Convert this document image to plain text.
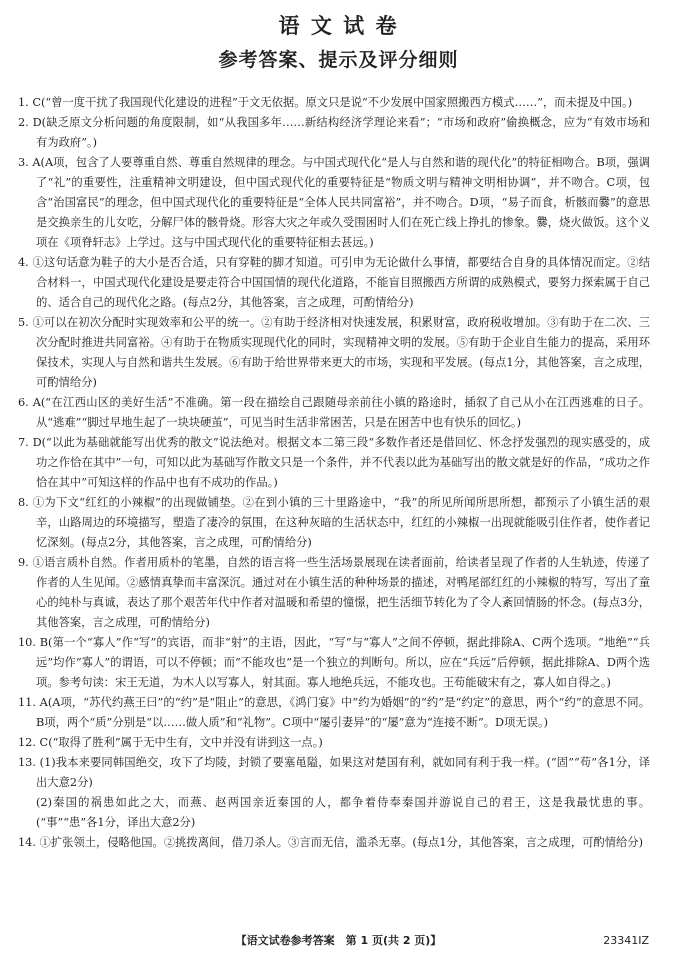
语 文 试 卷
参考答案、提示及评分细则

1. C(“曾一度干扰了我国现代化建设的进程”于文无依据。原文只是说“不少发展中国家照搬西方模式……”，而未提及中国。)

2. D(缺乏原文分析问题的角度限制，如“从我国多年……新结构经济学理论来看”；“市场和政府”偷换概念，应为“有效市场和有为政府”。)

3. A(A项，包含了人要尊重自然、尊重自然规律的理念。与中国式现代化“是人与自然和谐的现代化”的特征相吻合。B项，强调了“礼”的重要性，注重精神文明建设，但中国式现代化的重要特征是“物质文明与精神文明相协调”，并不吻合。C项，包含“治国富民”的理念，但中国式现代化的重要特征是“全体人民共同富裕”，并不吻合。D项，“易子而食，析骸而爨”的意思是交换亲生的儿女吃，分解尸体的骸骨烧。形容大灾之年或久受围困时人们在死亡线上挣扎的惨象。爨，烧火做饭。这个义项在《项脊轩志》上学过。这与中国式现代化的重要特征相去甚远。)

4. ①这句话意为鞋子的大小是否合适，只有穿鞋的脚才知道。可引申为无论做什么事情，都要结合自身的具体情况而定。②结合材料一，中国式现代化建设是要走符合中国国情的现代化道路，不能盲目照搬西方所谓的成熟模式，要努力探索属于自己的、适合自己的现代化之路。(每点2分，其他答案，言之成理，可酌情给分)

5. ①可以在初次分配时实现效率和公平的统一。②有助于经济相对快速发展，积累财富，政府税收增加。③有助于在二次、三次分配时推进共同富裕。④有助于在物质实现现代化的同时，实现精神文明的发展。⑤有助于企业自生能力的提高，采用环保技术，实现人与自然和谐共生发展。⑥有助于给世界带来更大的市场，实现和平发展。(每点1分，其他答案，言之成理，可酌情给分)

6. A(“在江西山区的美好生活”不准确。第一段在描绘自己跟随母亲前往小镇的路途时，插叙了自己从小在江西逃难的日子。从“逃难”“脚过早地生起了一块块硬茧”，可见当时生活非常困苦，只是在困苦中也有快乐的回忆。)

7. D(“以此为基础就能写出优秀的散文”说法绝对。根据文本二第三段“多数作者还是借回忆、怀念抒发强烈的现实感受的，成功之作恰在其中”一句，可知以此为基础写作散文只是一个条件，并不代表以此为基础写出的散文就是好的作品，“成功之作恰在其中”可知这样的作品中也有不成功的作品。)

8. ①为下文“红红的小辣椒”的出现做铺垫。②在到小镇的三十里路途中，“我”的所见所闻所思所想，都预示了小镇生活的艰辛，山路周边的环境描写，塑造了凄冷的氛围，在这种灰暗的生活状态中，红红的小辣椒一出现就能吸引住作者，使作者记忆深刻。(每点2分，其他答案，言之成理，可酌情给分)

9. ①语言质朴自然。作者用质朴的笔墨，自然的语言将一些生活场景展现在读者面前，给读者呈现了作者的人生轨迹，传递了作者的人生见闻。②感情真挚而丰富深沉。通过对在小镇生活的种种场景的描述，对鸭尾部红红的小辣椒的特写，写出了童心的纯朴与真诚，表达了那个艰苦年代中作者对温暖和希望的憧憬，把生活细节转化为了令人紊回情肠的怀念。(每点3分，其他答案，言之成理，可酌情给分)

10. B(第一个“寡人”作“写”的宾语，而非“射”的主语，因此，“写”与“寡人”之间不停顿，据此排除A、C两个选项。“地绝”“兵远”均作“寡人”的谓语，可以不停顿；而“不能攻也”是一个独立的判断句。所以，应在“兵远”后停顿，据此排除A、D两个选项。参考句读：宋王无道，为木人以写寡人，射其面。寡人地绝兵远，不能攻也。王苟能破宋有之，寡人如自得之。)

11. A(A项，“苏代约燕王曰”的“约”是“阻止”的意思，《鸿门宴》中“约为婚姻”的“约”是“约定”的意思，两个“约”的意思不同。B项，两个“质”分别是“以……做人质”和“礼物”。C项中“屡引妻异”的“屡”意为“连接不断”。D项无误。)

12. C(“取得了胜利”属于无中生有，文中并没有讲到这一点。)

13. (1)我本来要同韩国绝交，攻下了均陵，封锁了要塞黾隘，如果这对楚国有利，就如同有利于我一样。(“固”“苟”各1分，译出大意2分)

(2)秦国的祸患如此之大，而燕、赵两国亲近秦国的人，都争着侍奉秦国并游说自己的君王，这是我最忧患的事。(“事”“患”各1分，译出大意2分)

14. ①扩张领土，侵略他国。②挑拨离间，借刀杀人。③言而无信，滥杀无辜。(每点1分，其他答案，言之成理，可酌情给分)

【语文试卷参考答案　第 1 页(共 2 页)】	23341IZ
